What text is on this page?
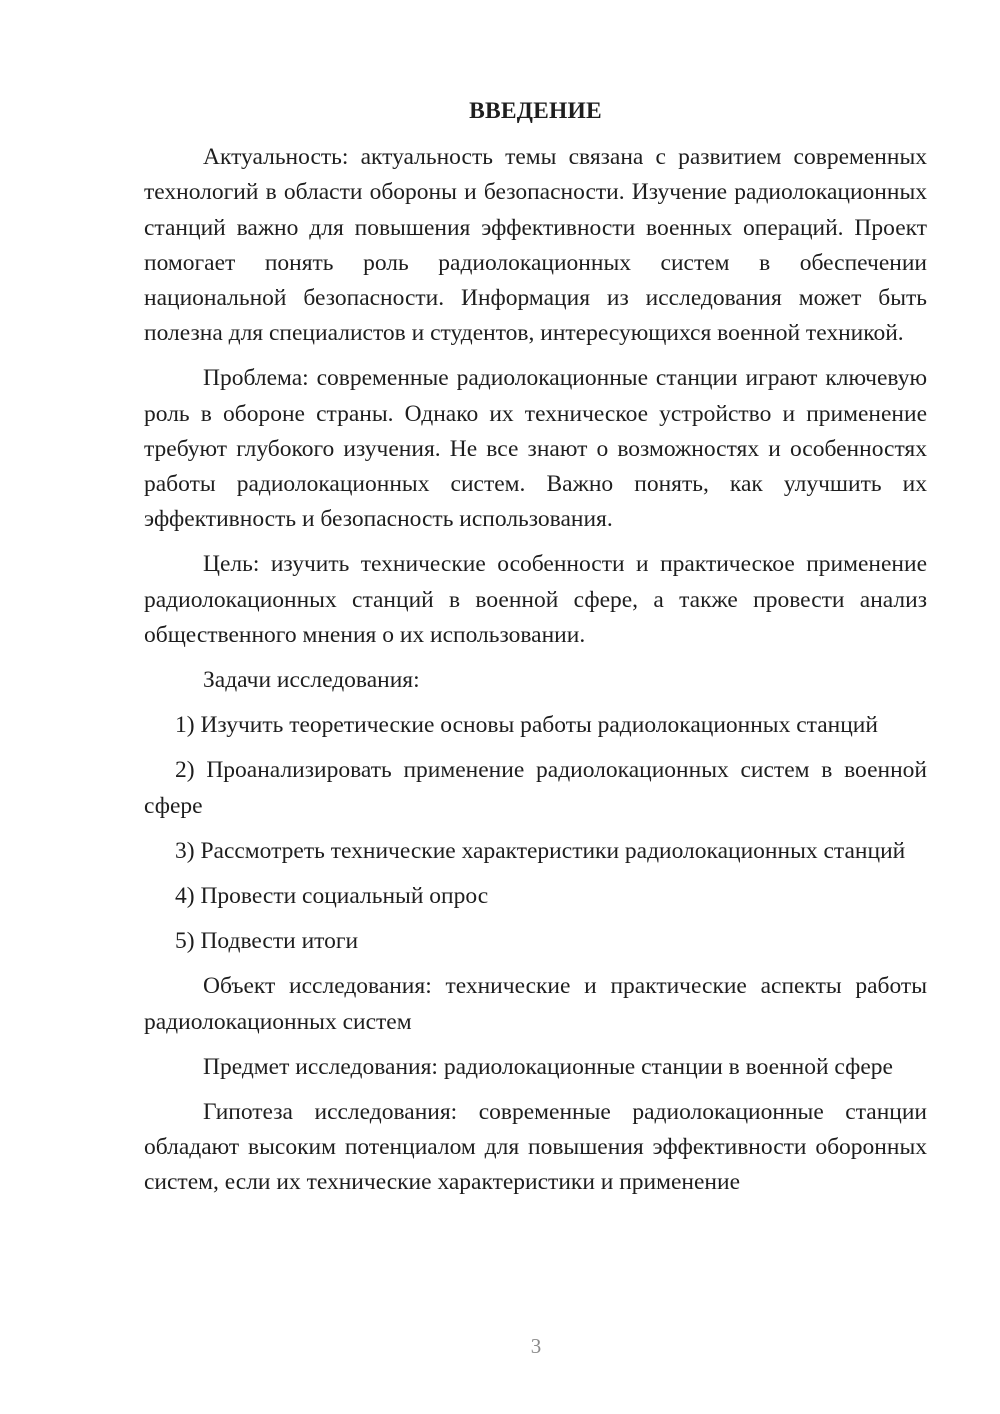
ВВЕДЕНИЕ

Актуальность: актуальность темы связана с развитием современных технологий в области обороны и безопасности. Изучение радиолокационных станций важно для повышения эффективности военных операций. Проект помогает понять роль радиолокационных систем в обеспечении национальной безопасности. Информация из исследования может быть полезна для специалистов и студентов, интересующихся военной техникой.

Проблема: современные радиолокационные станции играют ключевую роль в обороне страны. Однако их техническое устройство и применение требуют глубокого изучения. Не все знают о возможностях и особенностях работы радиолокационных систем. Важно понять, как улучшить их эффективность и безопасность использования.

Цель: изучить технические особенности и практическое применение радиолокационных станций в военной сфере, а также провести анализ общественного мнения о их использовании.

Задачи исследования:

1) Изучить теоретические основы работы радиолокационных станций

2) Проанализировать применение радиолокационных систем в военной сфере

3) Рассмотреть технические характеристики радиолокационных станций

4) Провести социальный опрос

5) Подвести итоги

Объект исследования: технические и практические аспекты работы радиолокационных систем

Предмет исследования: радиолокационные станции в военной сфере

Гипотеза исследования: современные радиолокационные станции обладают высоким потенциалом для повышения эффективности оборонных систем, если их технические характеристики и применение

3
